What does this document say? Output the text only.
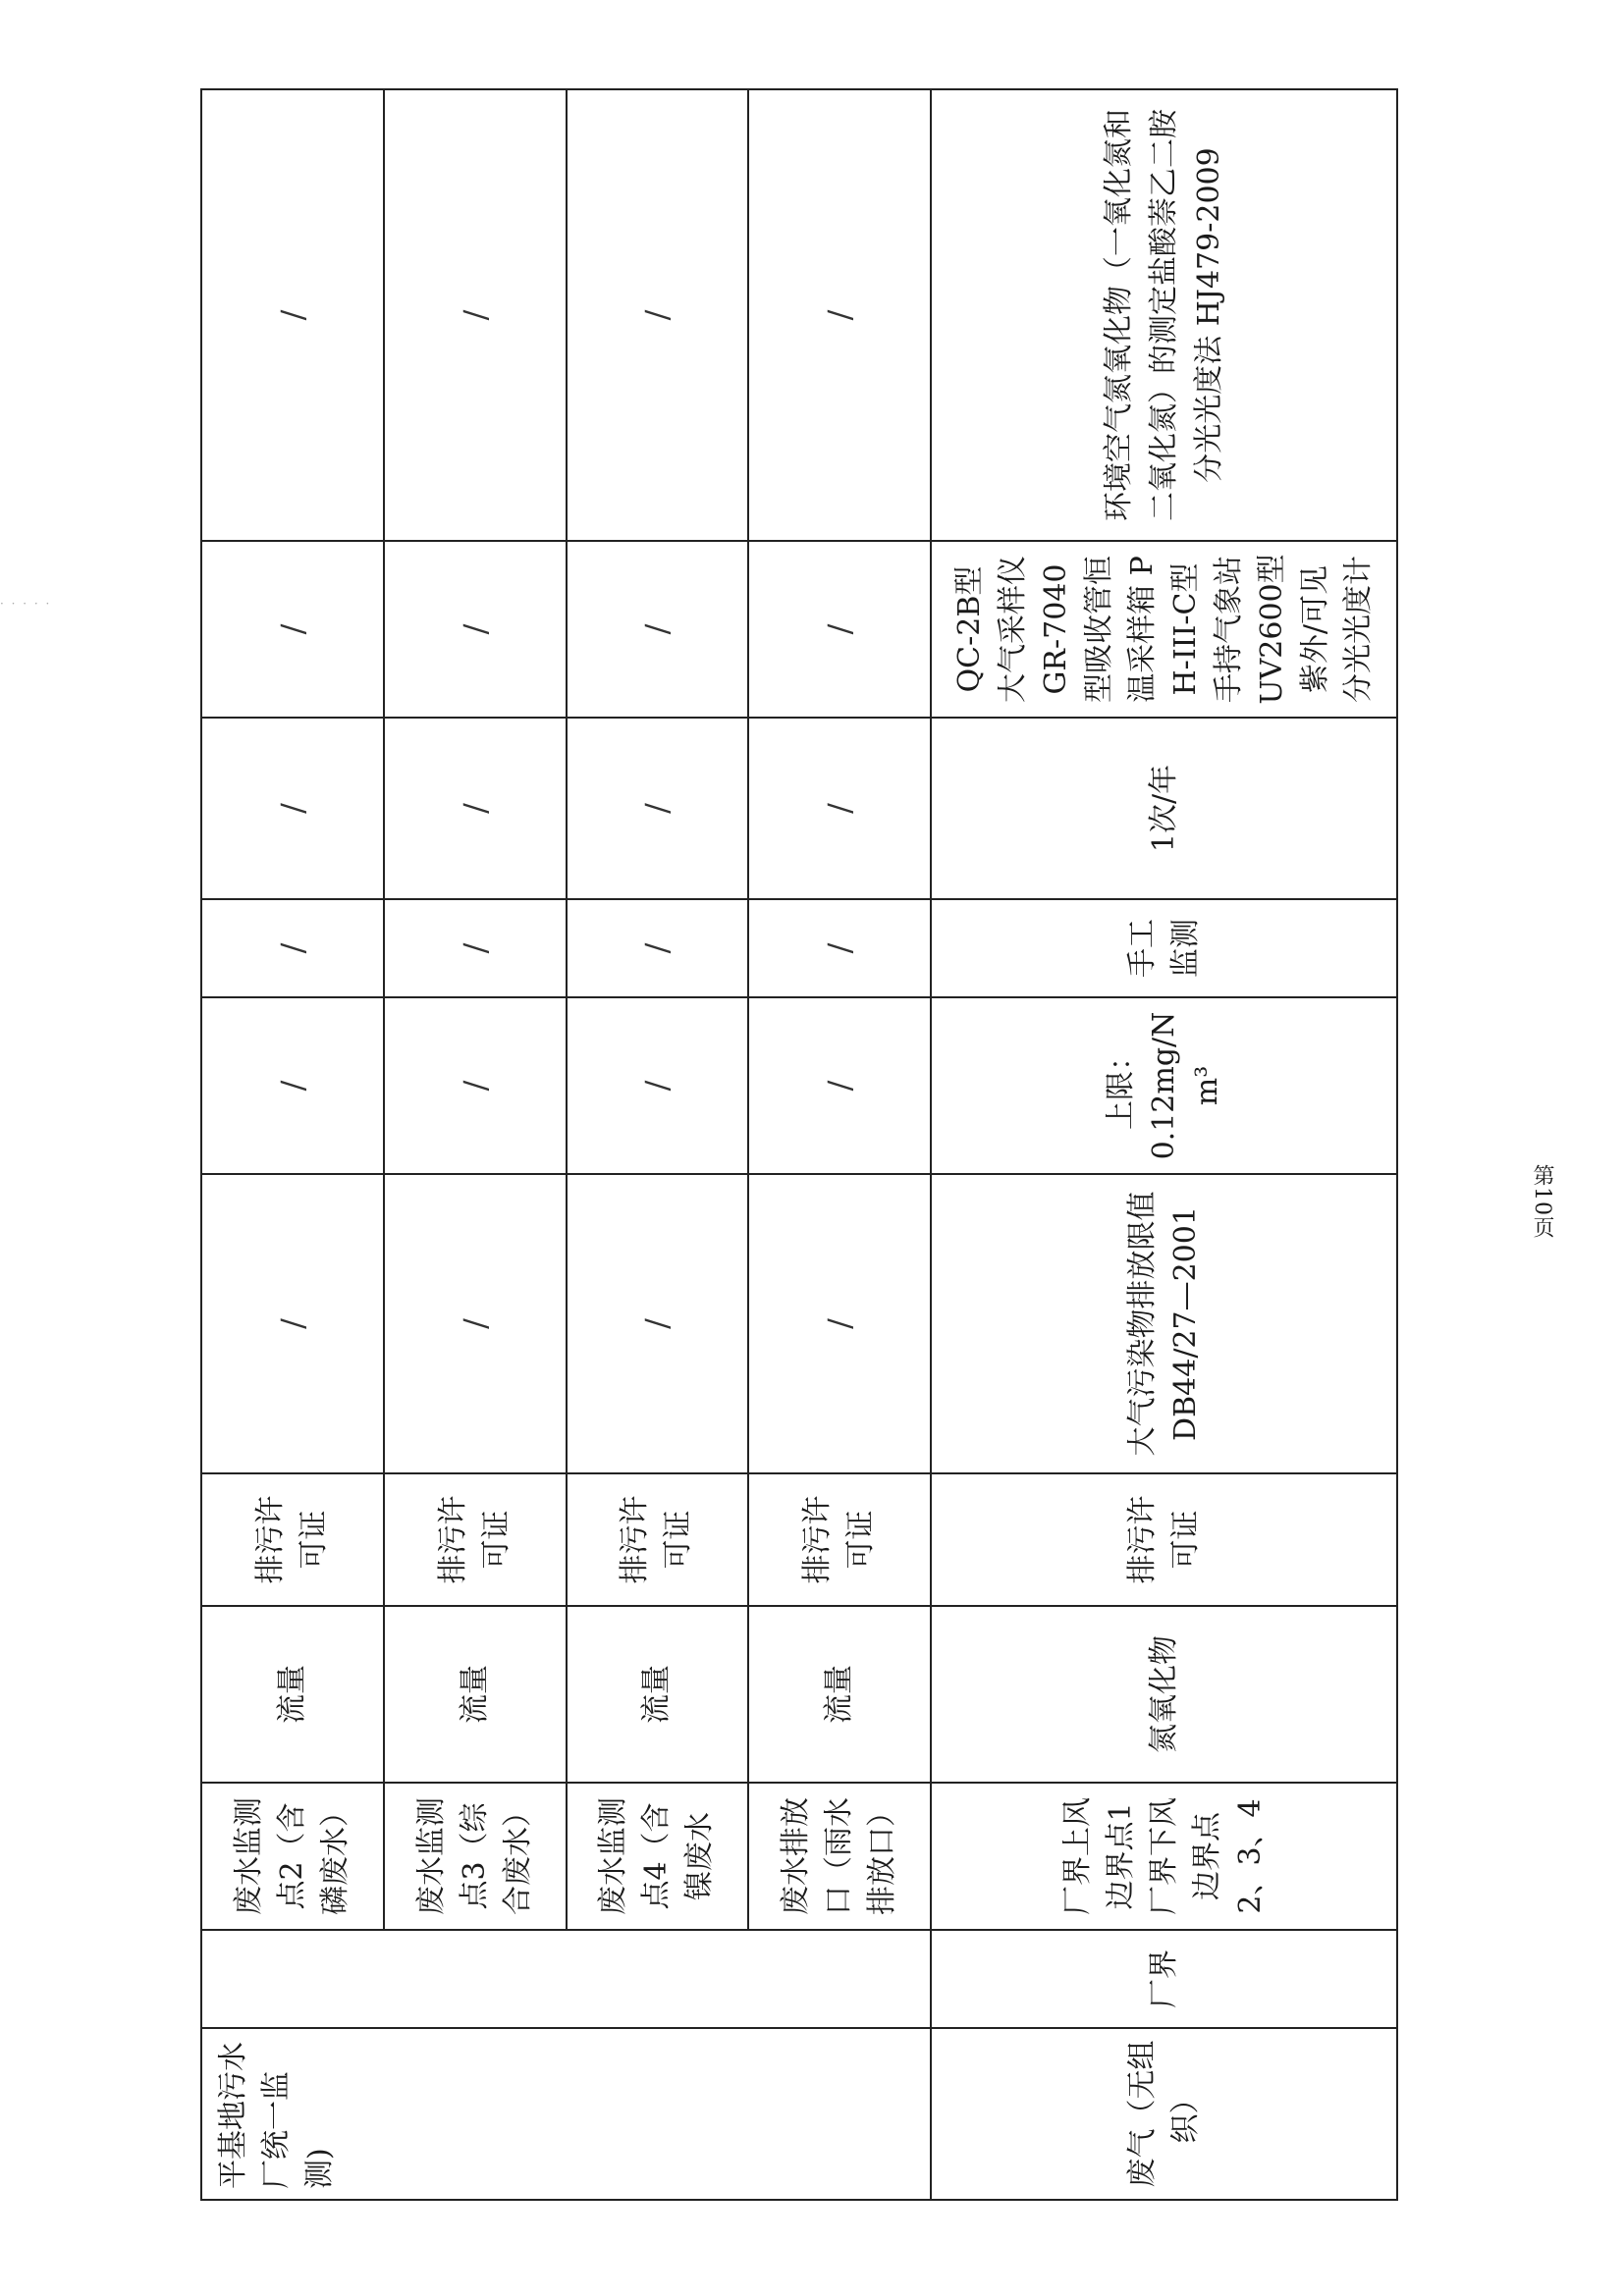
· · · · ·
平基地污水厂统一监测)		废水监测点2（含磷废水）	流量	排污许可证	/	/	/	/	/	/
		废水监测点3（综合废水）	流量	排污许可证	/	/	/	/	/	/
		废水监测点4（含镍废水	流量	排污许可证	/	/	/	/	/	/
		废水排放口（雨水排放口）	流量	排污许可证	/	/	/	/	/	/
废气（无组织）	厂界	厂界上风边界点1厂界下风边界点2、3、4	氮氧化物	排污许可证	大气污染物排放限值 DB44/27—2001	上限： 0.12mg/Nm³	手工监测	1次/年	QC-2B型大气采样仪 GR-7040型吸收管恒温采样箱 PH-III-C型手持气象站 UV2600型紫外/可见分光光度计	环境空气氮氧化物（一氧化氮和二氧化氮）的测定盐酸萘乙二胺分光光度法 HJ479-2009
第10页
